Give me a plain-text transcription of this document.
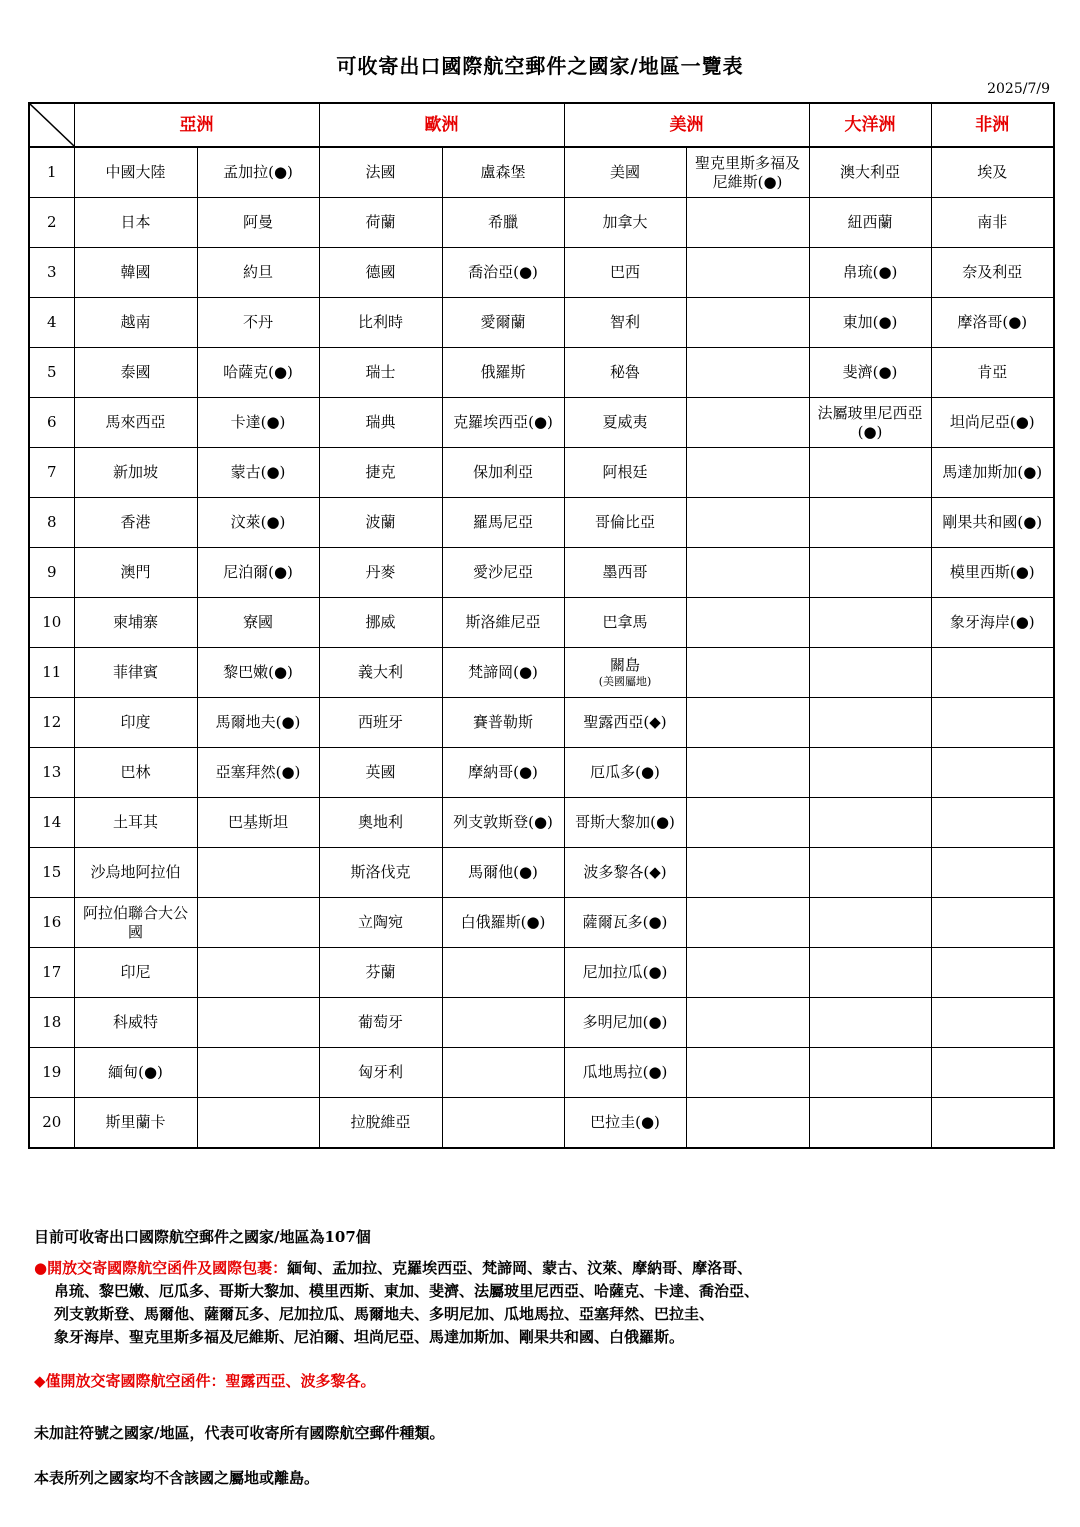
可收寄出口國際航空郵件之國家/地區一覽表
2025/7/9
	亞洲		歐洲		美洲		大洋洲	非洲
1	中國大陸	孟加拉(●)	法國	盧森堡	美國	聖克里斯多福及尼維斯(●)	澳大利亞	埃及
2	日本	阿曼	荷蘭	希臘	加拿大		紐西蘭	南非
3	韓國	約旦	德國	喬治亞(●)	巴西		帛琉(●)	奈及利亞
4	越南	不丹	比利時	愛爾蘭	智利		東加(●)	摩洛哥(●)
5	泰國	哈薩克(●)	瑞士	俄羅斯	秘魯		斐濟(●)	肯亞
6	馬來西亞	卡達(●)	瑞典	克羅埃西亞(●)	夏威夷		法屬玻里尼西亞(●)	坦尚尼亞(●)
7	新加坡	蒙古(●)	捷克	保加利亞	阿根廷			馬達加斯加(●)
8	香港	汶萊(●)	波蘭	羅馬尼亞	哥倫比亞			剛果共和國(●)
9	澳門	尼泊爾(●)	丹麥	愛沙尼亞	墨西哥			模里西斯(●)
10	柬埔寨	寮國	挪威	斯洛維尼亞	巴拿馬			象牙海岸(●)
11	菲律賓	黎巴嫩(●)	義大利	梵諦岡(●)	關島
(美國屬地)			

12	印度	馬爾地夫(●)	西班牙	賽普勒斯	聖露西亞(◆)			
13	巴林	亞塞拜然(●)	英國	摩納哥(●)	厄瓜多(●)			
14	土耳其	巴基斯坦	奧地利	列支敦斯登(●)	哥斯大黎加(●)			
15	沙烏地阿拉伯		斯洛伐克	馬爾他(●)	波多黎各(◆)			
16	阿拉伯聯合大公國		立陶宛	白俄羅斯(●)	薩爾瓦多(●)			
17	印尼		芬蘭		尼加拉瓜(●)			
18	科威特		葡萄牙		多明尼加(●)			
19	緬甸(●)		匈牙利		瓜地馬拉(●)			
20	斯里蘭卡		拉脫維亞		巴拉圭(●)			
目前可收寄出口國際航空郵件之國家/地區為107個
●開放交寄國際航空函件及國際包裹：緬甸、孟加拉、克羅埃西亞、梵諦岡、蒙古、汶萊、摩納哥、摩洛哥、
帛琉、黎巴嫩、厄瓜多、哥斯大黎加、模里西斯、東加、斐濟、法屬玻里尼西亞、哈薩克、卡達、喬治亞、
列支敦斯登、馬爾他、薩爾瓦多、尼加拉瓜、馬爾地夫、多明尼加、瓜地馬拉、亞塞拜然、巴拉圭、
象牙海岸、聖克里斯多福及尼維斯、尼泊爾、坦尚尼亞、馬達加斯加、剛果共和國、白俄羅斯。
◆僅開放交寄國際航空函件：聖露西亞、波多黎各。
未加註符號之國家/地區，代表可收寄所有國際航空郵件種類。
本表所列之國家均不含該國之屬地或離島。
